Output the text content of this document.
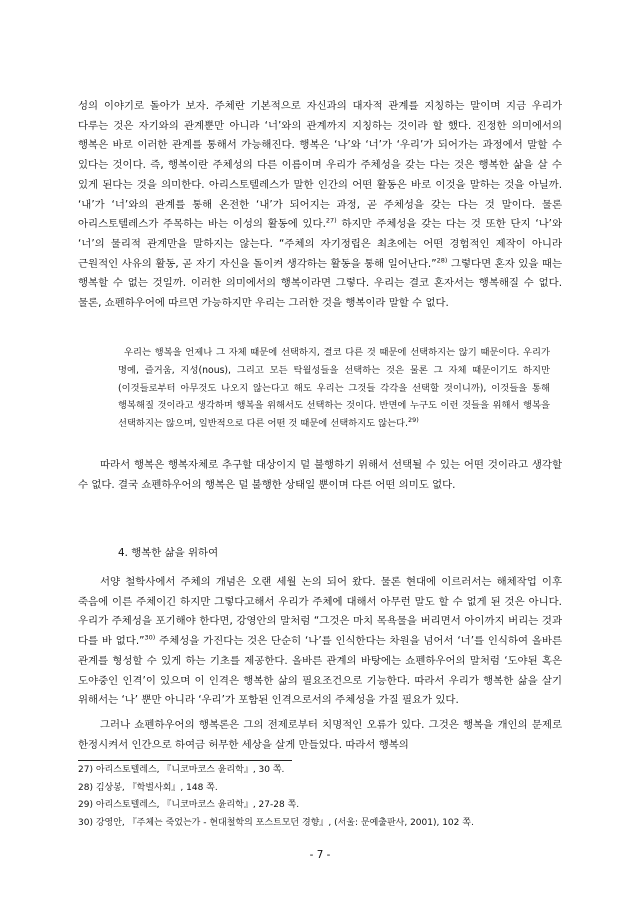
성의 이야기로 돌아가 보자. 주체란 기본적으로 자신과의 대자적 관계를 지칭하는 말이며 지금 우리가 다루는 것은 자기와의 관계뿐만 아니라 ‘너’와의 관계까지 지칭하는 것이라 할 했다. 진정한 의미에서의 행복은 바로 이러한 관계를 통해서 가능해진다. 행복은 ‘나’와 ‘너’가 ‘우리’가 되어가는 과정에서 말할 수 있다는 것이다. 즉, 행복이란 주체성의 다른 이름이며 우리가 주체성을 갖는 다는 것은 행복한 삶을 살 수 있게 된다는 것을 의미한다. 아리스토텔레스가 말한 인간의 어떤 활동은 바로 이것을 말하는 것을 아닐까. ‘내’가 ‘너’와의 관계를 통해 온전한 ‘내’가 되어지는 과정, 곧 주체성을 갖는 다는 것 말이다. 물론 아리스토텔레스가 주목하는 바는 이성의 활동에 있다.$^{27)}$ 하지만 주체성을 갖는 다는 것 또한 단지 ‘나’와 ‘너’의 물리적 관계만을 말하지는 않는다. “주체의 자기정립은 최초에는 어떤 경험적인 제작이 아니라 근원적인 사유의 활동, 곧 자기 자신을 돌이켜 생각하는 활동을 통해 일어난다.”$^{28)}$ 그렇다면 혼자 있을 때는 행복할 수 없는 것일까. 이러한 의미에서의 행복이라면 그렇다. 우리는 결코 혼자서는 행복해질 수 없다. 물론, 쇼펜하우어에 따르면 가능하지만 우리는 그러한 것을 행복이라 말할 수 없다.

우리는 행복을 언제나 그 자체 때문에 선택하지, 결코 다른 것 때문에 선택하지는 않기 때문이다. 우리가 명예, 즐거움, 지성(nous), 그리고 모든 탁월성들을 선택하는 것은 물론 그 자체 때문이기도 하지만(이것들로부터 아무것도 나오지 않는다고 해도 우리는 그것들 각각을 선택할 것이니까), 이것들을 통해 행복해질 것이라고 생각하며 행복을 위해서도 선택하는 것이다. 반면에 누구도 이런 것들을 위해서 행복을 선택하지는 않으며, 일반적으로 다른 어떤 것 때문에 선택하지도 않는다.$^{29)}$

따라서 행복은 행복자체로 추구할 대상이지 덜 불행하기 위해서 선택될 수 있는 어떤 것이라고 생각할 수 없다. 결국 쇼펜하우어의 행복은 덜 불행한 상태일 뿐이며 다른 어떤 의미도 없다.

4. 행복한 삶을 위하여

서양 철학사에서 주체의 개념은 오랜 세월 논의 되어 왔다. 물론 현대에 이르러서는 해체작업 이후 죽음에 이른 주체이긴 하지만 그렇다고해서 우리가 주체에 대해서 아무런 말도 할 수 없게 된 것은 아니다. 우리가 주체성을 포기해야 한다면, 강영안의 말처럼 “그것은 마치 목욕물을 버리면서 아이까지 버리는 것과 다를 바 없다.”$^{30)}$ 주체성을 가진다는 것은 단순히 ‘나’를 인식한다는 차원을 넘어서 ‘너’를 인식하여 올바른 관계를 형성할 수 있게 하는 기초를 제공한다. 올바른 관계의 바탕에는 쇼펜하우어의 말처럼 ‘도야된 혹은 도야중인 인격’이 있으며 이 인격은 행복한 삶의 필요조건으로 기능한다. 따라서 우리가 행복한 삶을 살기 위해서는 ‘나’ 뿐만 아니라 ‘우리’가 포함된 인격으로서의 주체성을 가질 필요가 있다.

그러나 쇼펜하우어의 행복론은 그의 전제로부터 치명적인 오류가 있다. 그것은 행복을 개인의 문제로 한정시켜서 인간으로 하여금 허무한 세상을 살게 만들었다. 따라서 행복의

27) 아리스토텔레스, 『니코마코스 윤리학』, 30 쪽.
28) 김상봉, 『학벌사회』, 148 쪽.
29) 아리스토텔레스, 『니코마코스 윤리학』, 27-28 쪽.
30) 강영안, 『주체는 죽었는가 - 현대철학의 포스트모던 경향』, (서울: 문예출판사, 2001), 102 쪽.
- 7 -
